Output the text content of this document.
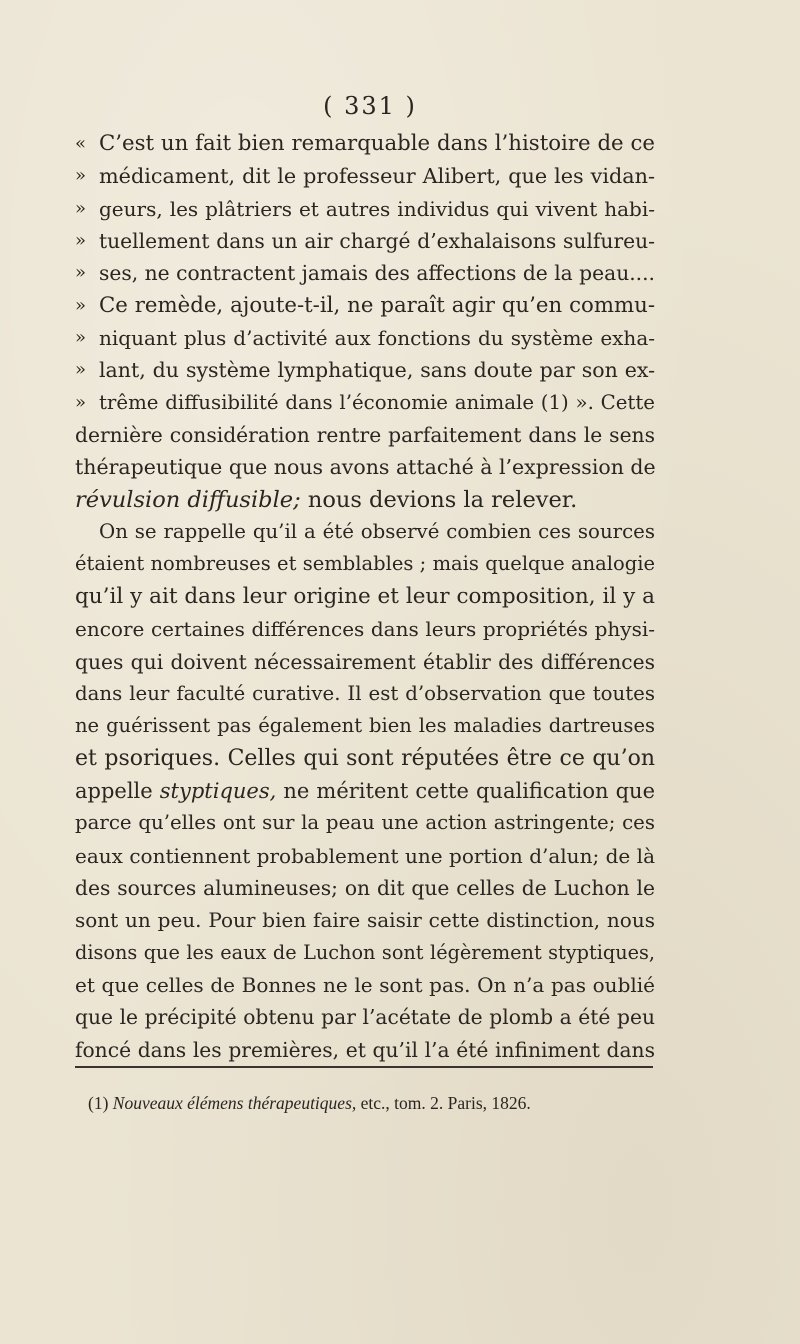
( 331 )
« C’est un fait bien remarquable dans l’histoire de ce
» médicament, dit le professeur Alibert, que les vidan-
» geurs, les plâtriers et autres individus qui vivent habi-
» tuellement dans un air chargé d’exhalaisons sulfureu-
» ses, ne contractent jamais des affections de la peau....
» Ce remède, ajoute-t-il, ne paraît agir qu’en commu-
» niquant plus d’activité aux fonctions du système exha-
» lant, du système lymphatique, sans doute par son ex-
» trême diffusibilité dans l’économie animale (1) ». Cette
dernière considération rentre parfaitement dans le sens
thérapeutique que nous avons attaché à l’expression de
révulsion diffusible; nous devions la relever.
On se rappelle qu’il a été observé combien ces sources
étaient nombreuses et semblables ; mais quelque analogie
qu’il y ait dans leur origine et leur composition, il y a
encore certaines différences dans leurs propriétés physi-
ques qui doivent nécessairement établir des différences
dans leur faculté curative. Il est d’observation que toutes
ne guérissent pas également bien les maladies dartreuses
et psoriques. Celles qui sont réputées être ce qu’on
appelle styptiques, ne méritent cette qualification que
parce qu’elles ont sur la peau une action astringente; ces
eaux contiennent probablement une portion d’alun; de là
des sources alumineuses; on dit que celles de Luchon le
sont un peu. Pour bien faire saisir cette distinction, nous
disons que les eaux de Luchon sont légèrement styptiques,
et que celles de Bonnes ne le sont pas. On n’a pas oublié
que le précipité obtenu par l’acétate de plomb a été peu
foncé dans les premières, et qu’il l’a été infiniment dans
(1) Nouveaux élémens thérapeutiques, etc., tom. 2. Paris, 1826.
